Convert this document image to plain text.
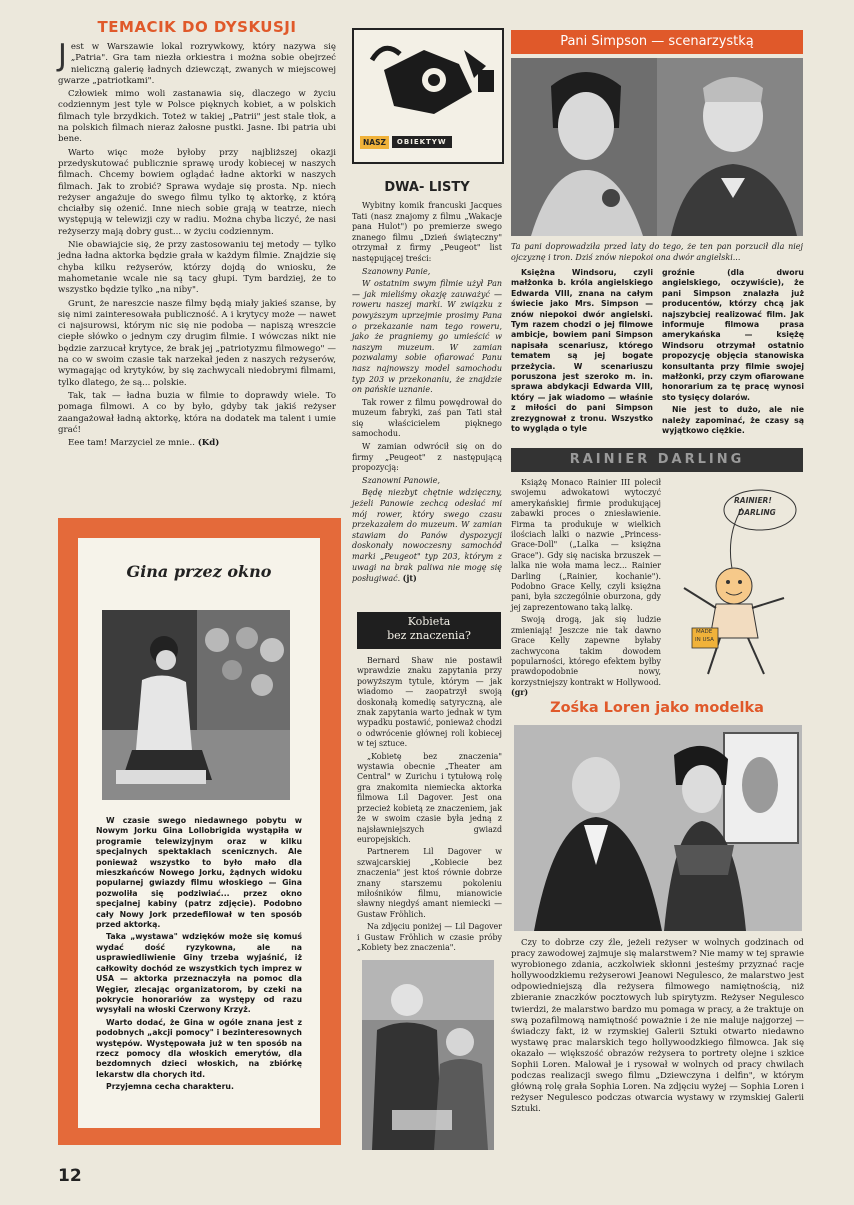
TEMACIK DO DYSKUSJI

Jest w Warszawie lokal rozrywkowy, który nazywa się „Patria". Gra tam niezła orkiestra i można sobie obejrzeć nieliczną galerię ładnych dziewcząt, zwanych w miejscowej gwarze „patriotkami".

Człowiek mimo woli zastanawia się, dlaczego w życiu codziennym jest tyle w Polsce pięknych kobiet, a w polskich filmach tyle brzydkich. Toteż w takiej „Patrii" jest stale tłok, a na polskich filmach nieraz żałosne pustki. Jasne. Ibi patria ubi bene.

Warto więc może byłoby przy najbliższej okazji przedyskutować publicznie sprawę urody kobiecej w naszych filmach. Chcemy bowiem oglądać ładne aktorki w naszych filmach. Jak to zrobić? Sprawa wydaje się prosta. Np. niech reżyser angażuje do swego filmu tylko tę aktorkę, z którą chciałby się ożenić. Inne niech sobie grają w teatrze, niech występują w telewizji czy w radiu. Można chyba liczyć, że nasi reżyserzy mają dobry gust... w życiu codziennym.

Nie obawiajcie się, że przy zastosowaniu tej metody — tylko jedna ładna aktorka będzie grała w każdym filmie. Znajdzie się chyba kilku reżyserów, którzy dojdą do wniosku, że mahometanie wcale nie są tacy głupi. Tym bardziej, że to wszystko będzie tylko „na niby".

Grunt, że nareszcie nasze filmy będą miały jakieś szanse, by się nimi zainteresowała publiczność. A i krytycy może — nawet ci najsurowsi, którym nic się nie podoba — napiszą wreszcie ciepłe słówko o jednym czy drugim filmie. I wówczas nikt nie będzie zarzucał krytyce, że brak jej „patriotyzmu filmowego" — na co w swoim czasie tak narzekał jeden z naszych reżyserów, wymagając od krytyków, by się zachwycali niedobrymi filmami, tylko dlatego, że są... polskie.

Tak, tak — ładna buzia w filmie to doprawdy wiele. To pomaga filmowi. A co by było, gdyby tak jakiś reżyser zaangażował ładną aktorkę, która na dodatek ma talent i umie grać!

Eee tam! Marzyciel ze mnie.. (Kd)

Gina przez okno

W czasie swego niedawnego pobytu w Nowym Jorku Gina Lollobrigida wystąpiła w programie telewizyjnym oraz w kilku specjalnych spektaklach scenicznych. Ale ponieważ wszystko to było mało dla mieszkańców Nowego Jorku, żądnych widoku popularnej gwiazdy filmu włoskiego — Gina pozwoliła się podziwiać... przez okno specjalnej kabiny (patrz zdjęcie). Podobno cały Nowy Jork przedefilował w ten sposób przed aktorką.

Taka „wystawa" wdzięków może się komuś wydać dość ryzykowna, ale na usprawiedliwienie Giny trzeba wyjaśnić, iż całkowity dochód ze wszystkich tych imprez w USA — aktorka przeznaczyła na pomoc dla Węgier, zlecając organizatorom, by czeki na pokrycie honorariów za występy od razu wysyłali na włoski Czerwony Krzyż.

Warto dodać, że Gina w ogóle znana jest z podobnych „akcji pomocy" i bezinteresownych występów. Występowała już w ten sposób na rzecz pomocy dla włoskich emerytów, dla bezdomnych dzieci włoskich, na zbiórkę lekarstw dla chorych itd.

Przyjemna cecha charakteru.

12
NASZ	OBIEKTYW
DWA- LISTY

Wybitny komik francuski Jacques Tati (nasz znajomy z filmu „Wakacje pana Hulot") po premierze swego znanego filmu „Dzień świąteczny" otrzymał z firmy „Peugeot" list następującej treści:

Szanowny Panie,

W ostatnim swym filmie użył Pan — jak mieliśmy okazję zauważyć — roweru naszej marki. W związku z powyższym uprzejmie prosimy Pana o przekazanie nam tego roweru, jako że pragniemy go umieścić w naszym muzeum. W zamian pozwalamy sobie ofiarować Panu nasz najnowszy model samochodu typ 203 w przekonaniu, że znajdzie on pańskie uznanie.

Tak rower z filmu powędrował do muzeum fabryki, zaś pan Tati stał się właścicielem pięknego samochodu.

W zamian odwrócił się on do firmy „Peugeot" z następującą propozycją:

Szanowni Panowie,

Będę niezbyt chętnie wdzięczny, jeżeli Panowie zechcą odesłać mi mój rower, który swego czasu przekazałem do muzeum. W zamian stawiam do Panów dyspozycji doskonały nowoczesny samochód marki „Peugeot" typ 203, którym z uwagi na brak paliwa nie mogę się posługiwać. (jt)

Kobieta
bez znaczenia?

Bernard Shaw nie postawił wprawdzie znaku zapytania przy powyższym tytule, którym — jak wiadomo — zaopatrzył swoją doskonałą komedię satyryczną, ale znak zapytania warto jednak w tym wypadku postawić, ponieważ chodzi o odwrócenie głównej roli kobiecej w tej sztuce.

„Kobietę bez znaczenia" wystawia obecnie „Theater am Central" w Zurichu i tytułową rolę gra znakomita niemiecka aktorka filmowa Lil Dagover. Jest ona przecież kobietą ze znaczeniem, jak że w swoim czasie była jedną z najsławniejszych gwiazd europejskich.

Partnerem Lil Dagover w szwajcarskiej „Kobiecie bez znaczenia" jest ktoś równie dobrze znany starszemu pokoleniu miłośników filmu, mianowicie sławny niegdyś amant niemiecki — Gustaw Fröhlich.

Na zdjęciu poniżej — Lil Dagover i Gustaw Fröhlich w czasie próby „Kobiety bez znaczenia".

Pani Simpson — scenarzystką
Ta pani doprowadziła przed laty do tego, że ten pan porzucił dla niej ojczyznę i tron. Dziś znów niepokoi ona dwór angielski...

Księżna Windsoru, czyli małżonka b. króla angielskiego Edwarda VIII, znana na całym świecie jako Mrs. Simpson — znów niepokoi dwór angielski. Tym razem chodzi o jej filmowe ambicje, bowiem pani Simpson napisała scenariusz, którego tematem są jej bogate przeżycia. W scenariuszu poruszona jest szeroko m. in. sprawa abdykacji Edwarda VIII, który — jak wiadomo — właśnie z miłości do pani Simpson zrezygnował z tronu. Wszystko to wygląda o tyle

groźnie (dla dworu angielskiego, oczywiście), że pani Simpson znalazła już producentów, którzy chcą jak najszybciej realizować film. Jak informuje filmowa prasa amerykańska — księżę Windsoru otrzymał ostatnio propozycję objęcia stanowiska konsultanta przy filmie swojej małżonki, przy czym ofiarowane honorarium za tę pracę wynosi sto tysięcy dolarów.

Nie jest to dużo, ale nie należy zapominać, że czasy są wyjątkowo ciężkie.

RAINIER DARLING

Książę Monaco Rainier III polecił swojemu adwokatowi wytoczyć amerykańskiej firmie produkującej zabawki proces o zniesławienie. Firma ta produkuje w wielkich ilościach lalki o nazwie „Princess-Grace-Doll" („Lalka — księżna Grace"). Gdy się naciska brzuszek — lalka nie woła mama lecz... Rainier Darling („Rainier, kochanie"). Podobno Grace Kelly, czyli księżna pani, była szczególnie oburzona, gdy jej zaprezentowano taką lalkę.

Swoją drogą, jak się ludzie zmieniają! Jeszcze nie tak dawno Grace Kelly zapewne byłaby zachwycona takim dowodem popularności, którego efektem byłby prawdopodobnie nowy, korzystniejszy kontrakt w Hollywood. (gr)

RAINIER!
DARLING
MADE
IN USA
Zośka Loren jako modelka

Czy to dobrze czy źle, jeżeli reżyser w wolnych godzinach od pracy zawodowej zajmuje się malarstwem? Nie mamy w tej sprawie wyrobionego zdania, aczkolwiek skłonni jesteśmy przyznać racje hollywoodzkiemu reżyserowi Jeanowi Negulesco, że malarstwo jest odpowiedniejszą dla reżysera filmowego namiętnością, niż zbieranie znaczków pocztowych lub spirytyzm. Reżyser Negulesco twierdzi, że malarstwo bardzo mu pomaga w pracy, a że traktuje on swą pozafilmową namiętność poważnie i że nie maluje najgorzej — świadczy fakt, iż w rzymskiej Galerii Sztuki otwarto niedawno wystawę prac malarskich tego hollywoodzkiego filmowca. Jak się okazało — większość obrazów reżysera to portrety olejne i szkice Sophii Loren. Malował je i rysował w wolnych od pracy chwilach podczas realizacji swego filmu „Dziewczyna i delfin", w którym główną rolę grała Sophia Loren. Na zdjęciu wyżej — Sophia Loren i reżyser Negulesco podczas otwarcia wystawy w rzymskiej Galerii Sztuki.
